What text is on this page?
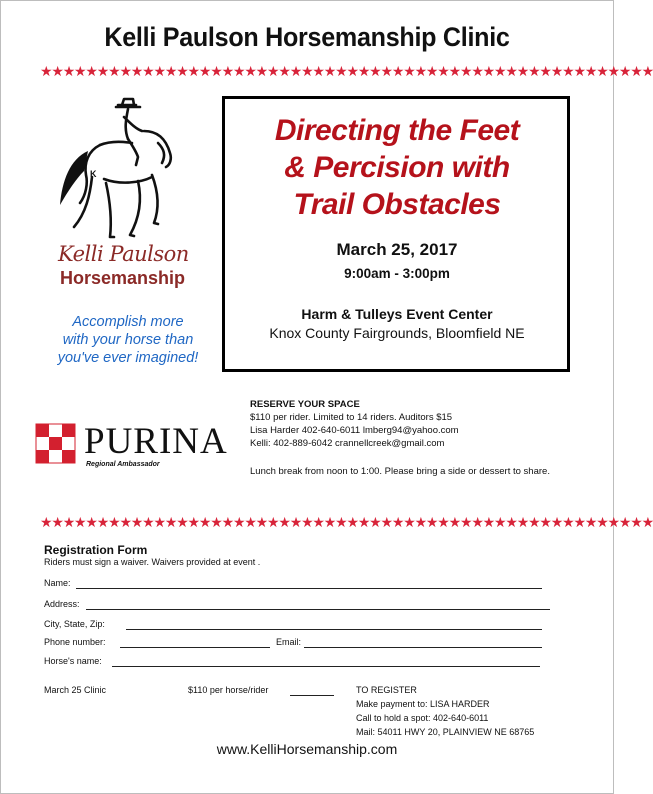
Kelli Paulson Horsemanship Clinic
★★★★★★★★★★★★★★★★★★★★★★★★★★★★★★★★★★★★★★★★★★★★★★★★★★★★★★
K
Kelli Paulson
Horsemanship
Accomplish more
with your horse than
you've ever imagined!
Directing the Feet
& Percision with
Trail Obstacles
March 25, 2017
9:00am - 3:00pm
Harm & Tulleys Event Center
Knox County Fairgrounds, Bloomfield NE
PURINA
Regional Ambassador
RESERVE YOUR SPACE
$110 per rider. Limited to 14 riders. Auditors $15
Lisa Harder 402-640-6011 lmberg94@yahoo.com
Kelli: 402-889-6042 crannellcreek@gmail.com
Lunch break from noon to 1:00. Please bring a side or dessert to share.
★★★★★★★★★★★★★★★★★★★★★★★★★★★★★★★★★★★★★★★★★★★★★★★★★★★★★★
Registration Form
Riders must sign a waiver. Waivers provided at event .
Name:
Address:
City, State, Zip:
Phone number:	Email:
Horse's name:
March 25 Clinic	$110 per horse/rider	TO REGISTER
Make payment to: LISA HARDER
Call to hold a spot: 402-640-6011
Mail: 54011 HWY 20, PLAINVIEW NE 68765
www.KelliHorsemanship.com
